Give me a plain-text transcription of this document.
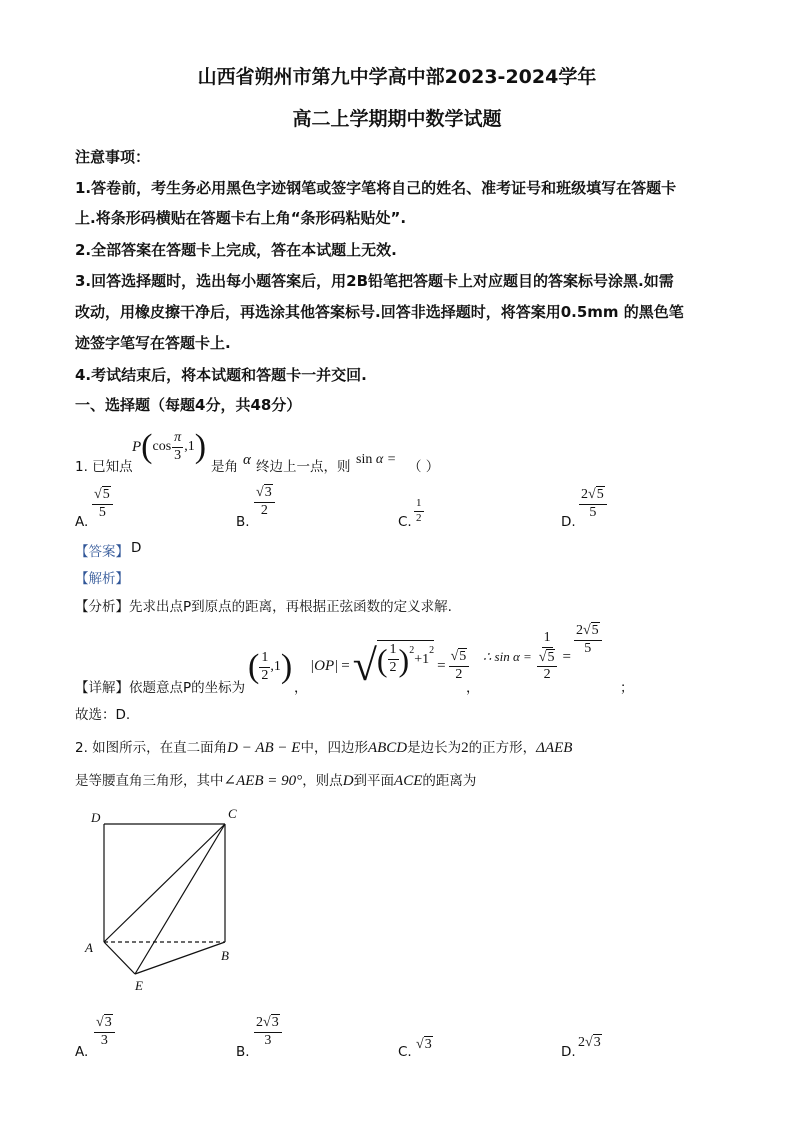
山西省朔州市第九中学高中部2023-2024学年
高二上学期期中数学试题
注意事项：
1.答卷前，考生务必用黑色字迹钢笔或签字笔将自己的姓名、准考证号和班级填写在答题卡
上.将条形码横贴在答题卡右上角“条形码粘贴处”.
2.全部答案在答题卡上完成，答在本试题上无效.
3.回答选择题时，选出每小题答案后，用2B铅笔把答题卡上对应题目的答案标号涂黑.如需
改动，用橡皮擦干净后，再选涂其他答案标号.回答非选择题时，将答案用0.5mm 的黑色笔
迹签字笔写在答题卡上.
4.考试结束后，将本试题和答题卡一并交回.
一、选择题（每题4分，共48分）
1. 已知点
P ( $\cos \frac{\pi}{3} ,1$ )
是角 α 终边上一点，则 sin α = （ ）
A.
$\frac{√5}{5}$
B.
$\frac{√3}{2}$
C. $\frac{1}{2}$	D.
$\frac{2√5}{5}$
【答案】 D
【解析】
【分析】先求出点P到原点的距离，再根据正弦函数的定义求解.
【详解】依题意点P的坐标为
( $\frac{1}{2} ,1$ )
，
|OP| = √ ( $\frac{1}{2}$ ) 2
+1
2
= $\frac{√5}{2}$
，
∴ $\sin \alpha = \frac{1}{\frac{√5}{2}}$ =
$\frac{2√5}{5}$
；
故选：D.
2. 如图所示，在直二面角D − AB − E中，四边形ABCD是边长为2的正方形，ΔAEB
是等腰直角三角形，其中∠AEB = 90°，则点D到平面ACE的距离为
D	C
A
B
E
A.
$\frac{√3}{3}$
B.
$\frac{2√3}{3}$
C. √3	D.
2√3
